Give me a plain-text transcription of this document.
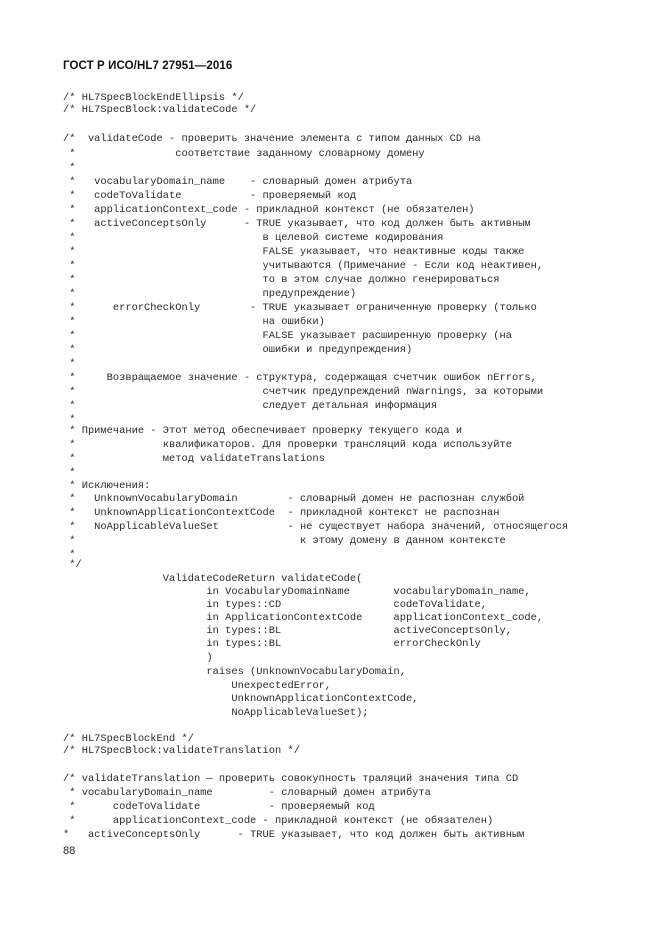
ГОСТ Р ИСО/HL7 27951—2016
/* HL7SpecBlockEndEllipsis */
/* HL7SpecBlock:validateCode */
/*  validateCode - проверить значение элемента с типом данных CD на
*                соответствие заданному словарному домену
*
*   vocabularyDomain_name    - словарный домен атрибута
*   codeToValidate           - проверяемый код
*   applicationContext_code - прикладной контекст (не обязателен)
*   activeConceptsOnly      - TRUE указывает, что код должен быть активным
*                              в целевой системе кодирования
*                              FALSE указывает, что неактивные коды также
*                              учитываются (Примечание - Если код неактивен,
*                              то в этом случае должно генерироваться
*                              предупреждение)
*      errorCheckOnly        - TRUE указывает ограниченную проверку (только
*                              на ошибки)
*                              FALSE указывает расширенную проверку (на
*                              ошибки и предупреждения)
*
*     Возвращаемое значение - структура, содержащая счетчик ошибок nErrors,
*                              счетчик предупреждений nWarnings, за которыми
*                              следует детальная информация
*
* Примечание - Этот метод обеспечивает проверку текущего кода и
*              квалификаторов. Для проверки трансляций кода используйте
*              метод validateTranslations
*
* Исключения:
*   UnknownVocabularyDomain        - словарный домен не распознан службой
*   UnknownApplicationContextCode  - прикладной контекст не распознан
*   NoApplicableValueSet           - не существует набора значений, относящегося
*                                    к этому домену в данном контексте
*
*/
ValidateCodeReturn validateCode(
in VocabularyDomainName       vocabularyDomain_name,
in types::CD                  codeToValidate,
in ApplicationContextCode     applicationContext_code,
in types::BL                  activeConceptsOnly,
in types::BL                  errorCheckOnly
)
raises (UnknownVocabularyDomain,
UnexpectedError,
UnknownApplicationContextCode,
NoApplicableValueSet);
/* HL7SpecBlockEnd */
/* HL7SpecBlock:validateTranslation */
/* validateTranslation — проверить совокупность траляций значения типа CD
* vocabularyDomain_name         - словарный домен атрибута
*      codeToValidate           - проверяемый код
*      applicationContext_code - прикладной контекст (не обязателен)
*   activeConceptsOnly      - TRUE указывает, что код должен быть активным
88
